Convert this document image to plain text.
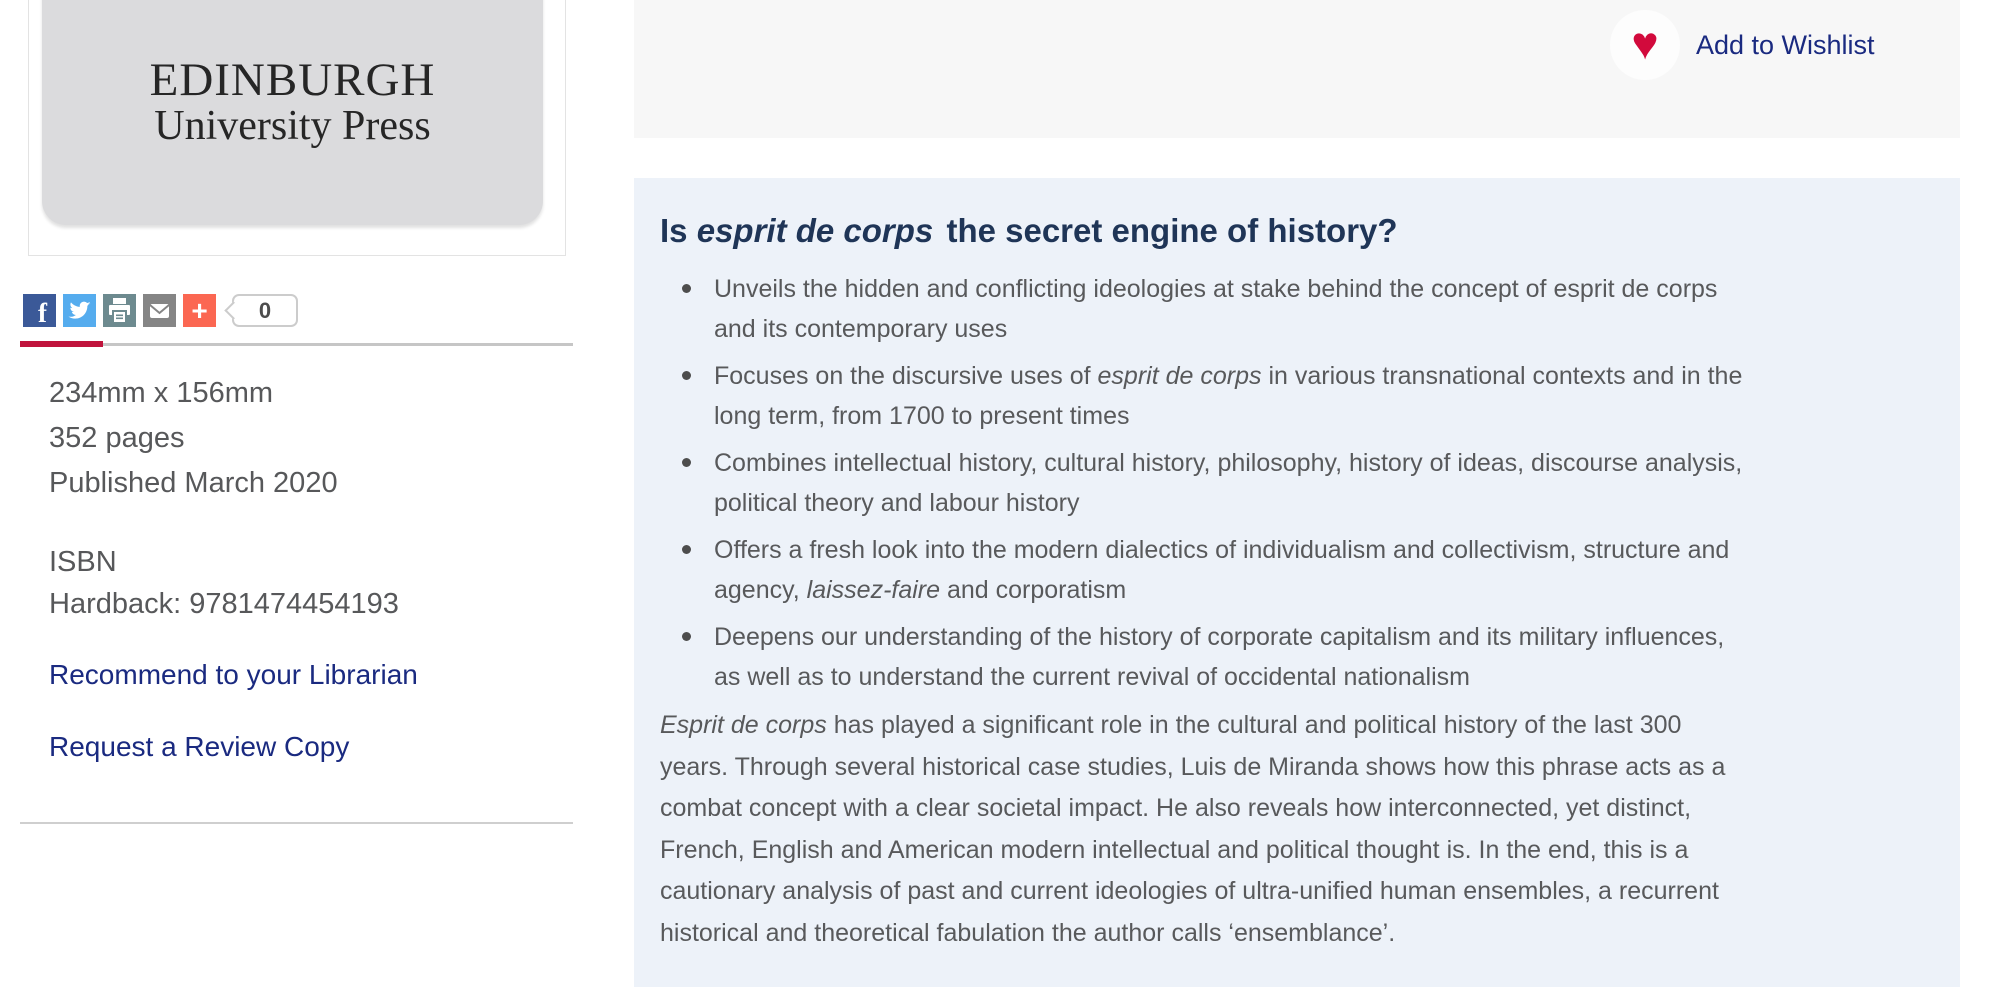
EDINBURGH
University Press
f	+	0
234mm x 156mm
352 pages
Published March 2020
ISBN
Hardback: 9781474454193
Recommend to your Librarian
Request a Review Copy
♥ Add to Wishlist
Is esprit de corps the secret engine of history?
Unveils the hidden and conflicting ideologies at stake behind the concept of esprit de corps
and its contemporary uses
Focuses on the discursive uses of esprit de corps in various transnational contexts and in the
long term, from 1700 to present times
Combines intellectual history, cultural history, philosophy, history of ideas, discourse analysis,
political theory and labour history
Offers a fresh look into the modern dialectics of individualism and collectivism, structure and
agency, laissez-faire and corporatism
Deepens our understanding of the history of corporate capitalism and its military influences,
as well as to understand the current revival of occidental nationalism
Esprit de corps has played a significant role in the cultural and political history of the last 300
years. Through several historical case studies, Luis de Miranda shows how this phrase acts as a
combat concept with a clear societal impact. He also reveals how interconnected, yet distinct,
French, English and American modern intellectual and political thought is. In the end, this is a
cautionary analysis of past and current ideologies of ultra-unified human ensembles, a recurrent
historical and theoretical fabulation the author calls ‘ensemblance’.
